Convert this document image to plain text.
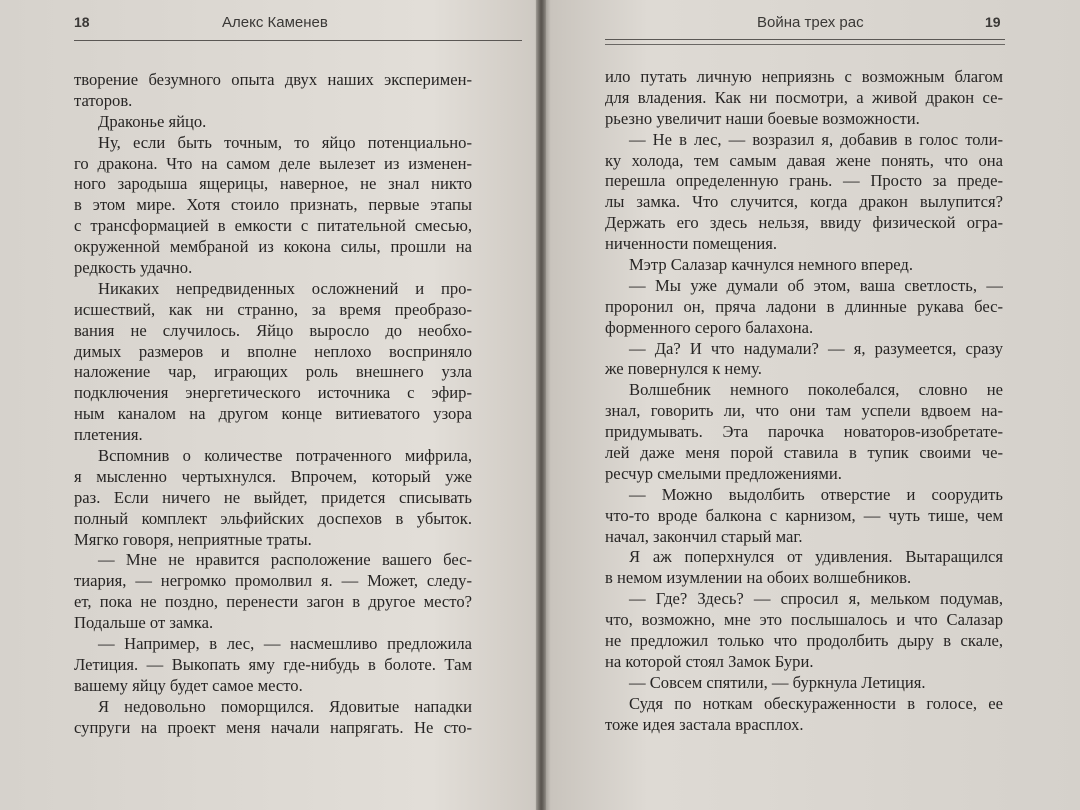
18	Алекс Каменев
творение безумного опыта двух наших эксперимен-
таторов.
Драконье яйцо.
Ну, если быть точным, то яйцо потенциально-
го дракона. Что на самом деле вылезет из изменен-
ного зародыша ящерицы, наверное, не знал никто
в этом мире. Хотя стоило признать, первые этапы
с трансформацией в емкости с питательной смесью,
окруженной мембраной из кокона силы, прошли на
редкость удачно.
Никаких непредвиденных осложнений и про-
исшествий, как ни странно, за время преобразо-
вания не случилось. Яйцо выросло до необхо-
димых размеров и вполне неплохо восприняло
наложение чар, играющих роль внешнего узла
подключения энергетического источника с эфир-
ным каналом на другом конце витиеватого узора
плетения.
Вспомнив о количестве потраченного мифрила,
я мысленно чертыхнулся. Впрочем, который уже
раз. Если ничего не выйдет, придется списывать
полный комплект эльфийских доспехов в убыток.
Мягко говоря, неприятные траты.
— Мне не нравится расположение вашего бес-
тиария, — негромко промолвил я. — Может, следу-
ет, пока не поздно, перенести загон в другое место?
Подальше от замка.
— Например, в лес, — насмешливо предложила
Летиция. — Выкопать яму где-нибудь в болоте. Там
вашему яйцу будет самое место.
Я недовольно поморщился. Ядовитые нападки
супруги на проект меня начали напрягать. Не сто-
Война трех рас	19
ило путать личную неприязнь с возможным благом
для владения. Как ни посмотри, а живой дракон се-
рьезно увеличит наши боевые возможности.
— Не в лес, — возразил я, добавив в голос толи-
ку холода, тем самым давая жене понять, что она
перешла определенную грань. — Просто за преде-
лы замка. Что случится, когда дракон вылупится?
Держать его здесь нельзя, ввиду физической огра-
ниченности помещения.
Мэтр Салазар качнулся немного вперед.
— Мы уже думали об этом, ваша светлость, —
проронил он, пряча ладони в длинные рукава бес-
форменного серого балахона.
— Да? И что надумали? — я, разумеется, сразу
же повернулся к нему.
Волшебник немного поколебался, словно не
знал, говорить ли, что они там успели вдвоем на-
придумывать. Эта парочка новаторов-изобретате-
лей даже меня порой ставила в тупик своими че-
ресчур смелыми предложениями.
— Можно выдолбить отверстие и соорудить
что-то вроде балкона с карнизом, — чуть тише, чем
начал, закончил старый маг.
Я аж поперхнулся от удивления. Вытаращился
в немом изумлении на обоих волшебников.
— Где? Здесь? — спросил я, мельком подумав,
что, возможно, мне это послышалось и что Салазар
не предложил только что продолбить дыру в скале,
на которой стоял Замок Бури.
— Совсем спятили, — буркнула Летиция.
Судя по ноткам обескураженности в голосе, ее
тоже идея застала врасплох.
